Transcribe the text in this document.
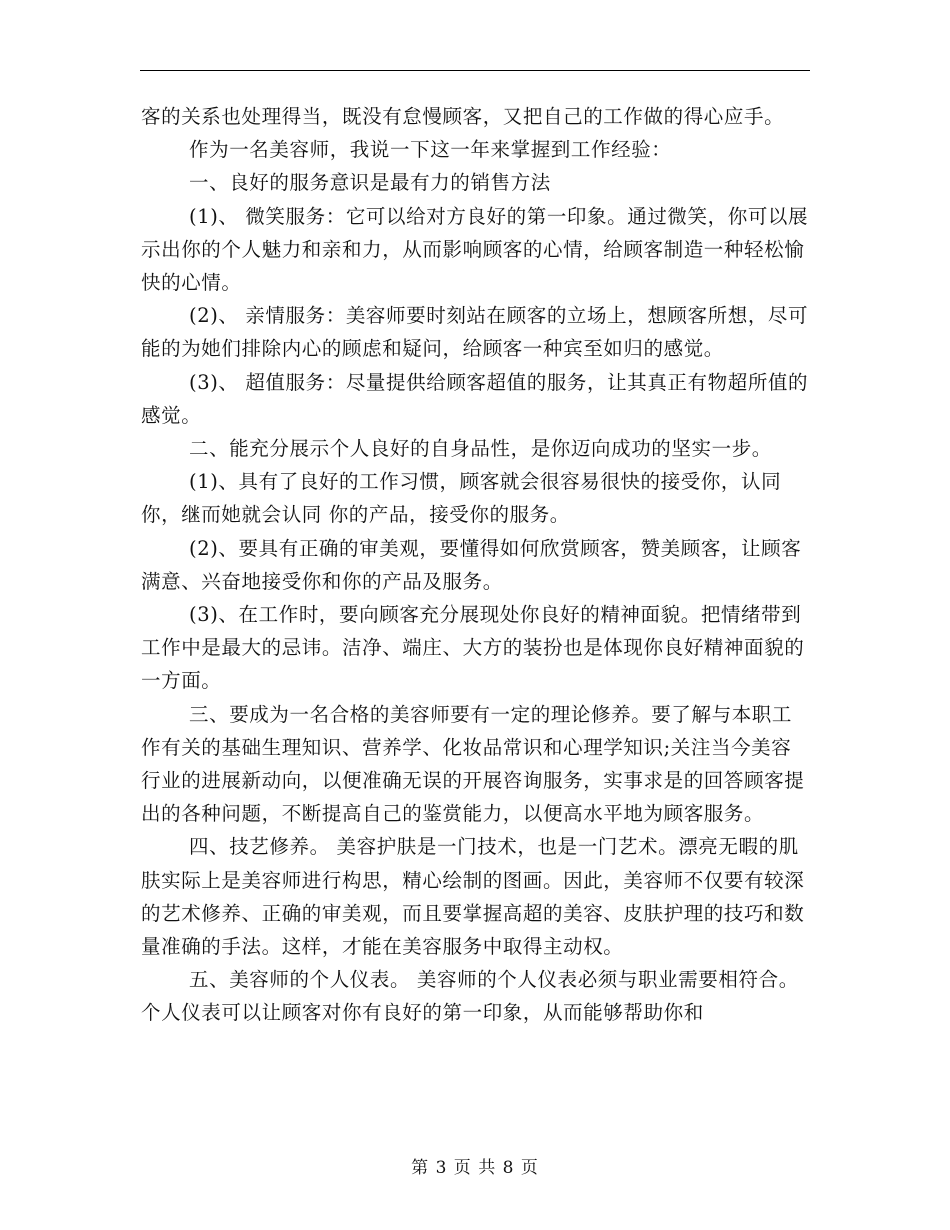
客的关系也处理得当，既没有怠慢顾客，又把自己的工作做的得心应手。

作为一名美容师，我说一下这一年来掌握到工作经验：

一、良好的服务意识是最有力的销售方法

(1)、 微笑服务：它可以给对方良好的第一印象。通过微笑，你可以展示出你的个人魅力和亲和力，从而影响顾客的心情，给顾客制造一种轻松愉快的心情。

(2)、 亲情服务：美容师要时刻站在顾客的立场上，想顾客所想，尽可能的为她们排除内心的顾虑和疑问，给顾客一种宾至如归的感觉。

(3)、 超值服务：尽量提供给顾客超值的服务，让其真正有物超所值的感觉。

二、能充分展示个人良好的自身品性，是你迈向成功的坚实一步。

(1)、具有了良好的工作习惯，顾客就会很容易很快的接受你，认同你，继而她就会认同 你的产品，接受你的服务。

(2)、要具有正确的审美观，要懂得如何欣赏顾客，赞美顾客，让顾客满意、兴奋地接受你和你的产品及服务。

(3)、在工作时，要向顾客充分展现处你良好的精神面貌。把情绪带到工作中是最大的忌讳。洁净、端庄、大方的装扮也是体现你良好精神面貌的一方面。

三、要成为一名合格的美容师要有一定的理论修养。要了解与本职工作有关的基础生理知识、营养学、化妆品常识和心理学知识;关注当今美容行业的进展新动向，以便准确无误的开展咨询服务，实事求是的回答顾客提出的各种问题，不断提高自己的鉴赏能力，以便高水平地为顾客服务。

四、技艺修养。 美容护肤是一门技术，也是一门艺术。漂亮无暇的肌肤实际上是美容师进行构思，精心绘制的图画。因此，美容师不仅要有较深的艺术修养、正确的审美观，而且要掌握高超的美容、皮肤护理的技巧和数量准确的手法。这样，才能在美容服务中取得主动权。

五、美容师的个人仪表。 美容师的个人仪表必须与职业需要相符合。个人仪表可以让顾客对你有良好的第一印象，从而能够帮助你和

第 3 页 共 8 页
